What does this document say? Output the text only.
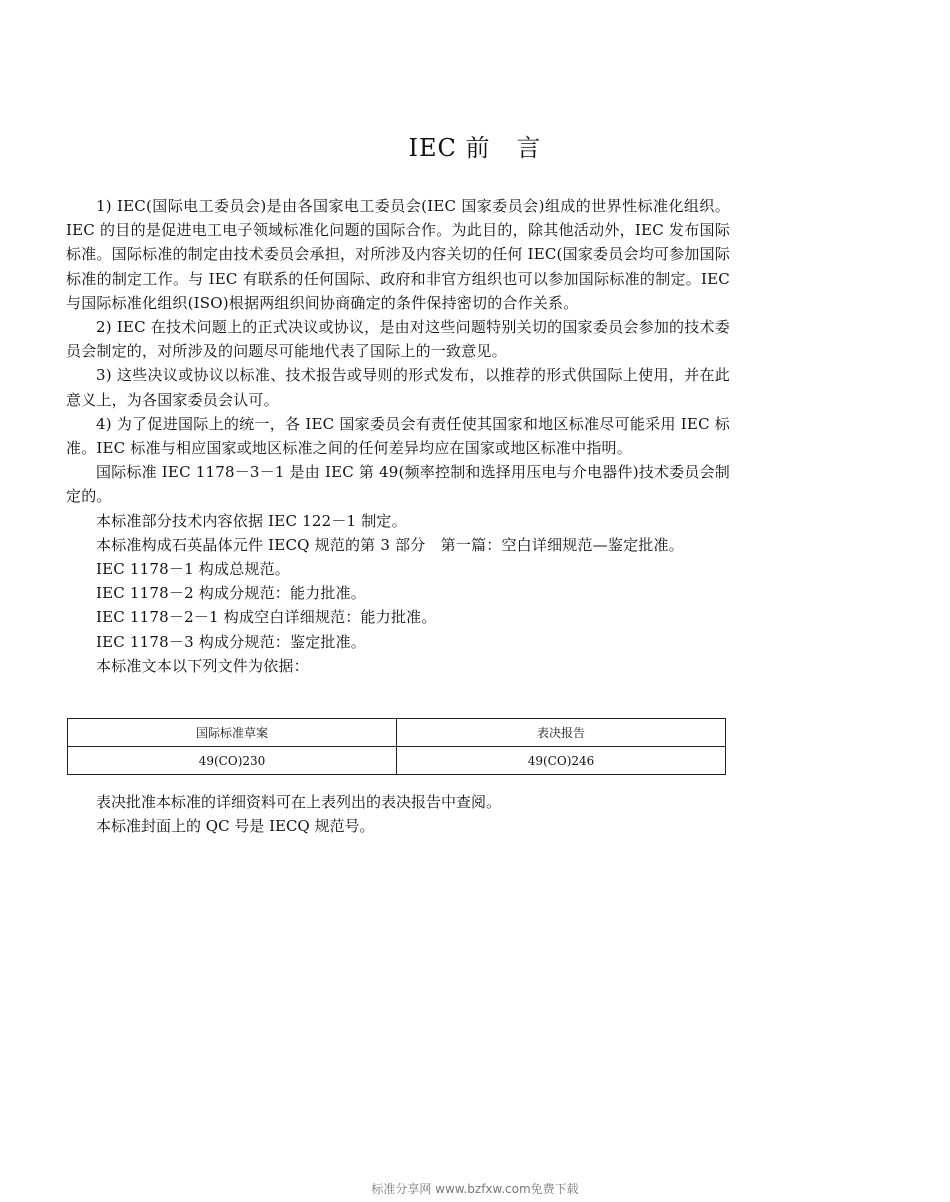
IEC 前   言

1) IEC(国际电工委员会)是由各国家电工委员会(IEC 国家委员会)组成的世界性标准化组织。IEC 的目的是促进电工电子领域标准化问题的国际合作。为此目的，除其他活动外，IEC 发布国际标准。国际标准的制定由技术委员会承担，对所涉及内容关切的任何 IEC(国家委员会均可参加国际标准的制定工作。与 IEC 有联系的任何国际、政府和非官方组织也可以参加国际标准的制定。IEC 与国际标准化组织(ISO)根据两组织间协商确定的条件保持密切的合作关系。

2) IEC 在技术问题上的正式决议或协议，是由对这些问题特别关切的国家委员会参加的技术委员会制定的，对所涉及的问题尽可能地代表了国际上的一致意见。

3) 这些决议或协议以标准、技术报告或导则的形式发布，以推荐的形式供国际上使用，并在此意义上，为各国家委员会认可。

4) 为了促进国际上的统一，各 IEC 国家委员会有责任使其国家和地区标准尽可能采用 IEC 标准。IEC 标准与相应国家或地区标准之间的任何差异均应在国家或地区标准中指明。

国际标准 IEC 1178－3－1 是由 IEC 第 49(频率控制和选择用压电与介电器件)技术委员会制定的。

本标准部分技术内容依据 IEC 122－1 制定。

本标准构成石英晶体元件 IECQ 规范的第 3 部分　第一篇：空白详细规范—鉴定批准。

IEC 1178－1 构成总规范。

IEC 1178－2 构成分规范：能力批准。

IEC 1178－2－1 构成空白详细规范：能力批准。

IEC 1178－3 构成分规范：鉴定批准。

本标准文本以下列文件为依据：

国际标准草案	表决报告
49(CO)230	49(CO)246

表决批准本标准的详细资料可在上表列出的表决报告中查阅。

本标准封面上的 QC 号是 IECQ 规范号。

标准分享网 www.bzfxw.com免费下载
